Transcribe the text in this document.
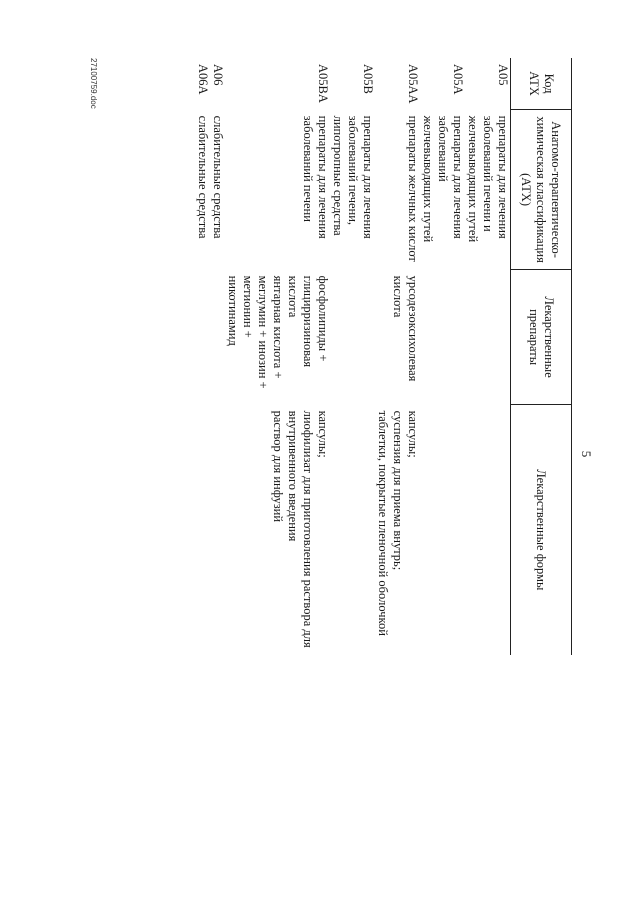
5
Код АТХ	Анатомо-терапевтическо-химическая классификация (АТХ)	Лекарственные препараты	Лекарственные формы
A05	препараты для лечения заболеваний печени и желчевыводящих путей		
A05A	препараты для лечения заболеваний желчевыводящих путей		
A05AA	препараты желчных кислот	урсодезоксихолевая кислота	капсулы;
суспензия для приема внутрь;
таблетки, покрытые пленочной оболочкой
A05B	препараты для лечения заболеваний печени, липотропные средства		
A05BA	препараты для лечения заболеваний печени	фосфолипиды + глицирризиновая кислота	капсулы;
лиофилизат для приготовления раствора для внутривенного введения
		янтарная кислота + меглумин + инозин + метионин + никотинамид	раствор для инфузий
A06	слабительные средства		
A06A	слабительные средства		
27100759.doc
